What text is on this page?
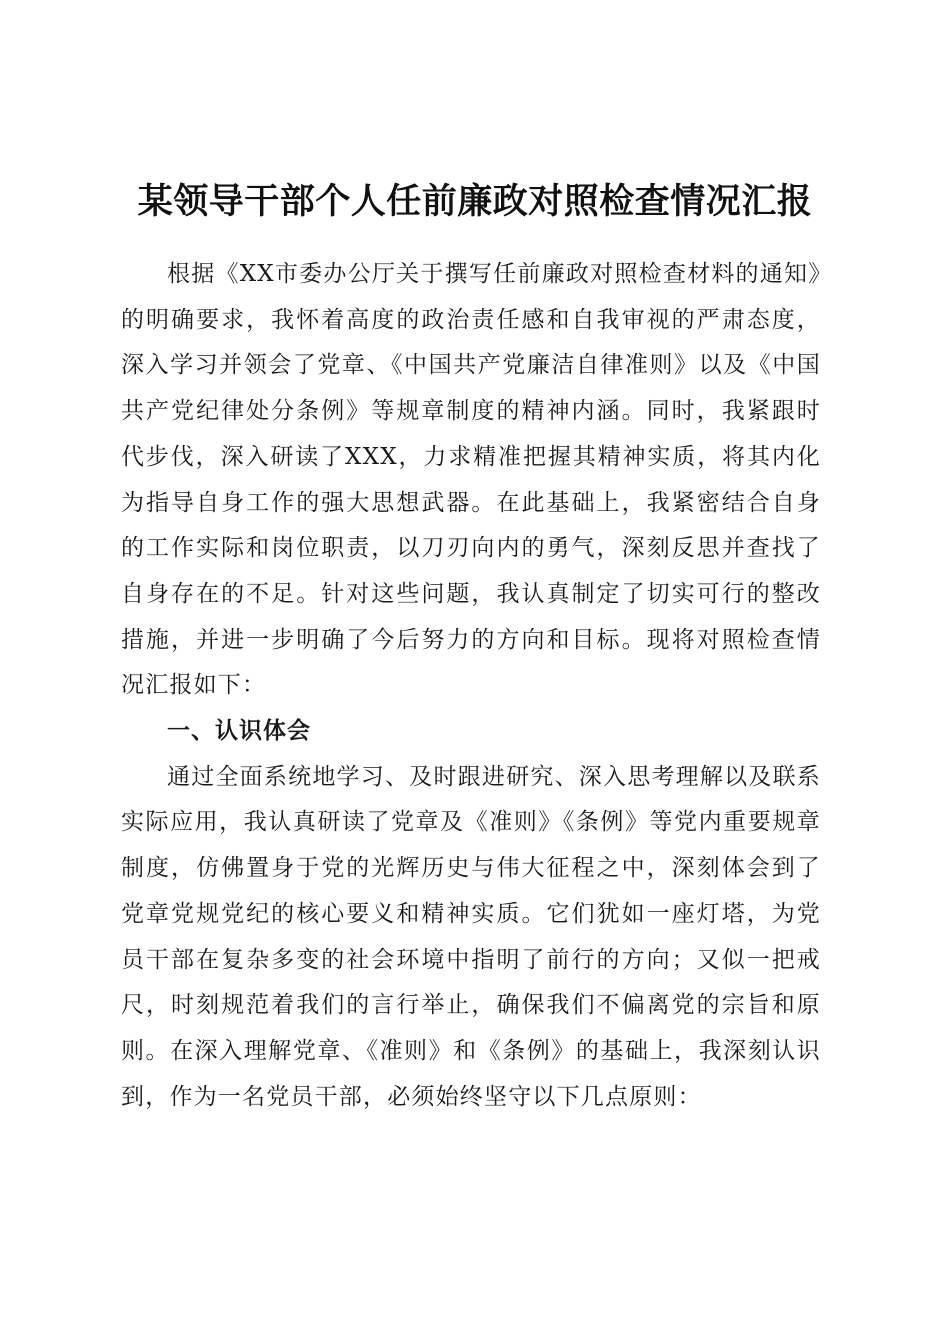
某领导干部个人任前廉政对照检查情况汇报

根据《XX市委办公厅关于撰写任前廉政对照检查材料的通知》的明确要求，我怀着高度的政治责任感和自我审视的严肃态度，深入学习并领会了党章、《中国共产党廉洁自律准则》以及《中国共产党纪律处分条例》等规章制度的精神内涵。同时，我紧跟时代步伐，深入研读了XXX，力求精准把握其精神实质，将其内化为指导自身工作的强大思想武器。在此基础上，我紧密结合自身的工作实际和岗位职责，以刀刃向内的勇气，深刻反思并查找了自身存在的不足。针对这些问题，我认真制定了切实可行的整改措施，并进一步明确了今后努力的方向和目标。现将对照检查情况汇报如下：

一、认识体会

通过全面系统地学习、及时跟进研究、深入思考理解以及联系实际应用，我认真研读了党章及《准则》《条例》等党内重要规章制度，仿佛置身于党的光辉历史与伟大征程之中，深刻体会到了党章党规党纪的核心要义和精神实质。它们犹如一座灯塔，为党员干部在复杂多变的社会环境中指明了前行的方向；又似一把戒尺，时刻规范着我们的言行举止，确保我们不偏离党的宗旨和原则。在深入理解党章、《准则》和《条例》的基础上，我深刻认识到，作为一名党员干部，必须始终坚守以下几点原则：
